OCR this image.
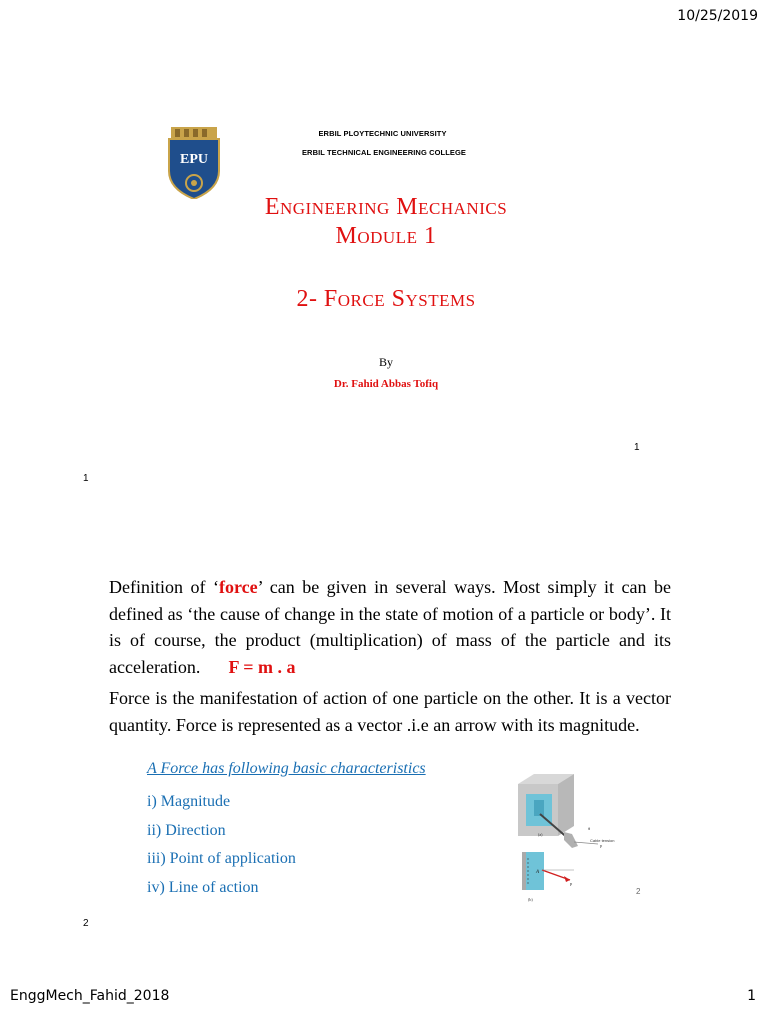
10/25/2019
EPU
ERBIL PLOYTECHNIC UNIVERSITY
ERBIL TECHNICAL ENGINEERING COLLEGE
Engineering Mechanics
Module 1
2- Force Systems
By
Dr. Fahid Abbas Tofiq
1
1
Definition of ‘force’ can be given in several ways. Most simply it can be defined as ‘the cause of change in the state of motion of a particle or body’. It is of course, the product (multiplication) of mass of the particle and its acceleration. F = m . a
Force is the manifestation of action of one particle on the other. It is a vector quantity. Force is represented as a vector .i.e an arrow with its magnitude.
A Force has following basic characteristics
i) Magnitude
ii) Direction
iii) Point of application
iv) Line of action
θ
(a)
Cable tension
P
A
P
(b)
2
2
EnggMech_Fahid_2018	1
